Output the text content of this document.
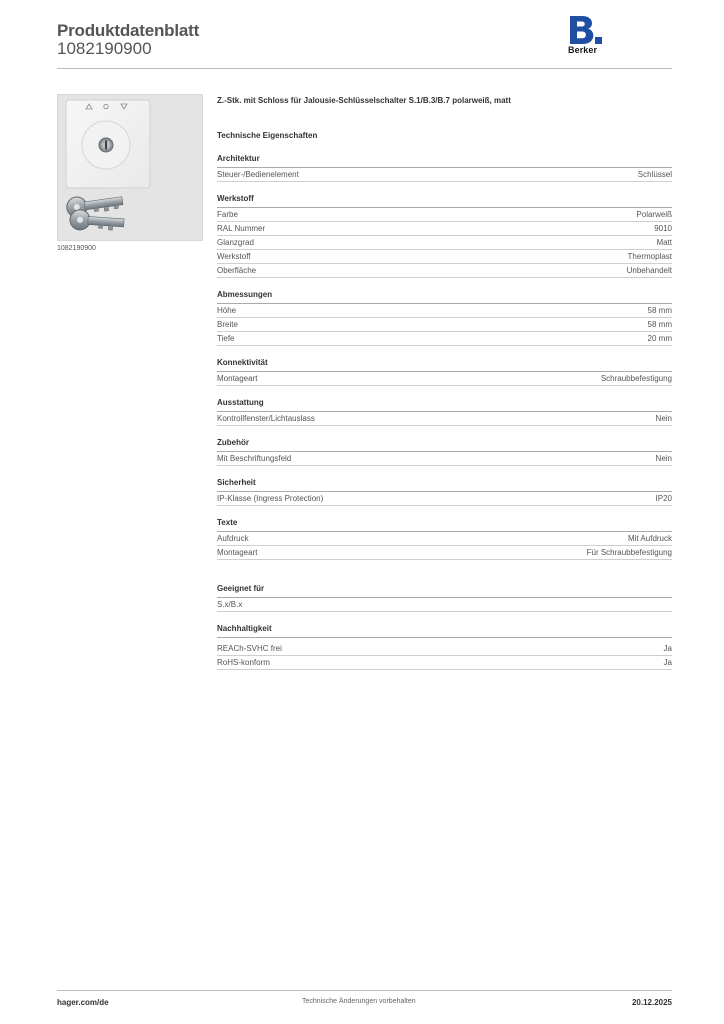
Produktdatenblatt
1082190900	Berker
1082190900
Z.-Stk. mit Schloss für Jalousie-Schlüsselschalter S.1/B.3/B.7 polarweiß, matt
Technische Eigenschaften
Architektur
Steuer-/Bedienelement	Schlüssel
Werkstoff
Farbe	Polarweiß
RAL Nummer	9010
Glanzgrad	Matt
Werkstoff	Thermoplast
Oberfläche	Unbehandelt
Abmessungen
Höhe	58 mm
Breite	58 mm
Tiefe	20 mm
Konnektivität
Montageart	Schraubbefestigung
Ausstattung
Kontrollfenster/Lichtauslass	Nein
Zubehör
Mit Beschriftungsfeld	Nein
Sicherheit
IP-Klasse (Ingress Protection)	IP20
Texte
Aufdruck	Mit Aufdruck
Montageart	Für Schraubbefestigung
Geeignet für
S.x/B.x
Nachhaltigkeit
REACh-SVHC frei	Ja
RoHS-konform	Ja
hager.com/de	Technische Änderungen vorbehalten	20.12.2025
